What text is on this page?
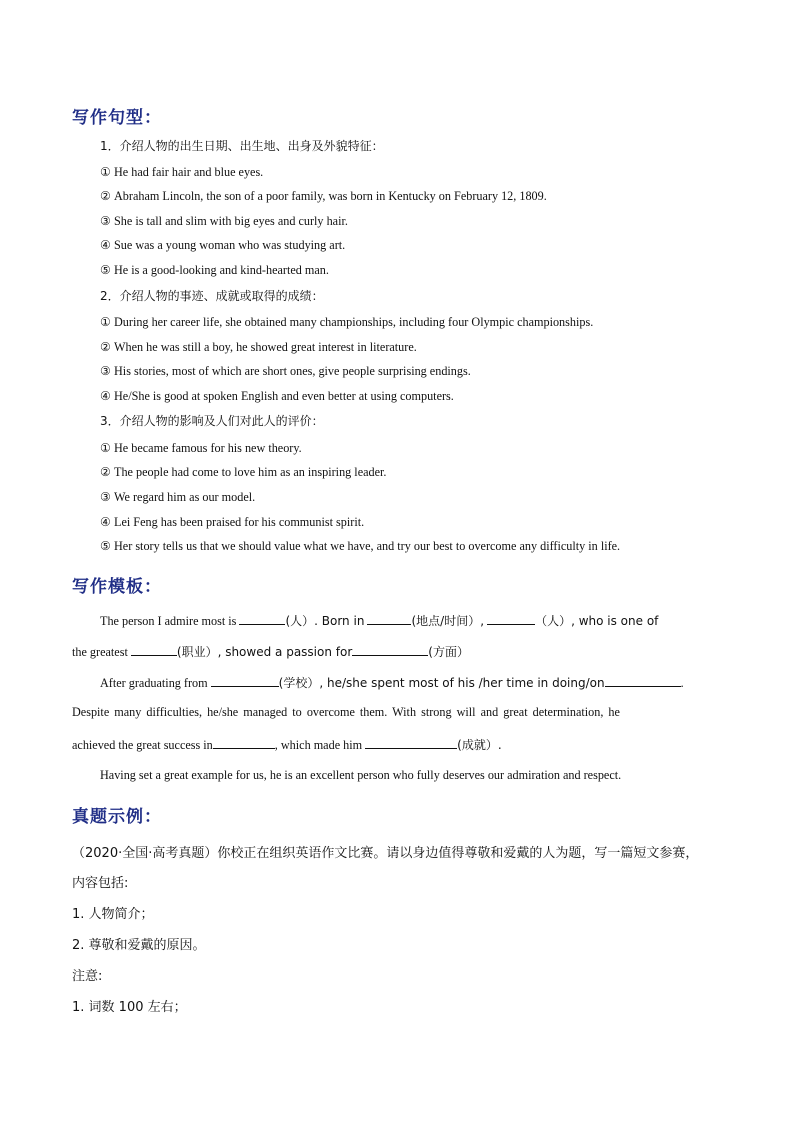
写作句型：
1．介绍人物的出生日期、出生地、出身及外貌特征：
① He had fair hair and blue eyes.
② Abraham Lincoln, the son of a poor family, was born in Kentucky on February 12, 1809.
③ She is tall and slim with big eyes and curly hair.
④ Sue was a young woman who was studying art.
⑤ He is a good-looking and kind-hearted man.
2．介绍人物的事迹、成就或取得的成绩：
① During her career life, she obtained many championships, including four Olympic championships.
② When he was still a boy, he showed great interest in literature.
③ His stories, most of which are short ones, give people surprising endings.
④ He/She is good at spoken English and even better at using computers.
3．介绍人物的影响及人们对此人的评价：
① He became famous for his new theory.
② The people had come to love him as an inspiring leader.
③ We regard him as our model.
④ Lei Feng has been praised for his communist spirit.
⑤ Her story tells us that we should value what we have, and try our best to overcome any difficulty in life.
写作模板：
The person I admire most is	(人）. Born in	(地点/时间）,	（人）, who is one of
the greatest	(职业）, showed a passion for	(方面）
After graduating from	(学校）, he/she spent most of his /her time in doing/on	.
Despite many difficulties, he/she managed to overcome them. With strong will and great determination, he
achieved the great success in	, which made him	(成就）.
Having set a great example for us, he is an excellent person who fully deserves our admiration and respect.
真题示例：
（2020·全国·高考真题）你校正在组织英语作文比赛。请以身边值得尊敬和爱戴的人为题，写一篇短文参赛，
内容包括:
1. 人物简介；
2. 尊敬和爱戴的原因。
注意:
1. 词数 100 左右；
